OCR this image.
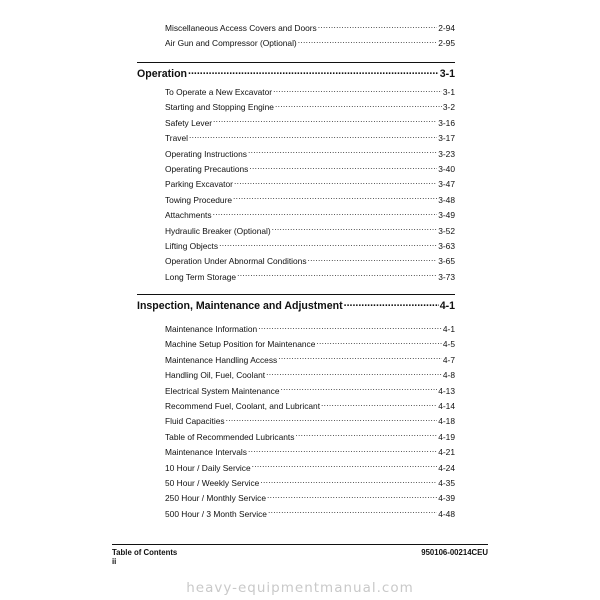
Miscellaneous Access Covers and Doors .....	2-94
Air Gun and Compressor (Optional) .....	2-95
Operation .....	3-1
To Operate a New Excavator .....	3-1
Starting and Stopping Engine .....	3-2
Safety Lever .....	3-16
Travel .....	3-17
Operating Instructions .....	3-23
Operating Precautions .....	3-40
Parking Excavator .....	3-47
Towing Procedure .....	3-48
Attachments .....	3-49
Hydraulic Breaker (Optional) .....	3-52
Lifting Objects .....	3-63
Operation Under Abnormal Conditions .....	3-65
Long Term Storage .....	3-73
Inspection, Maintenance and Adjustment .....	4-1
Maintenance Information .....	4-1
Machine Setup Position for Maintenance .....	4-5
Maintenance Handling Access .....	4-7
Handling Oil, Fuel, Coolant .....	4-8
Electrical System Maintenance .....	4-13
Recommend Fuel, Coolant, and Lubricant .....	4-14
Fluid Capacities .....	4-18
Table of Recommended Lubricants .....	4-19
Maintenance Intervals .....	4-21
10 Hour / Daily Service .....	4-24
50 Hour / Weekly Service .....	4-35
250 Hour / Monthly Service .....	4-39
500 Hour / 3 Month Service .....	4-48
Table of Contents
ii
950106-00214CEU
heavy-equipmentmanual.com
